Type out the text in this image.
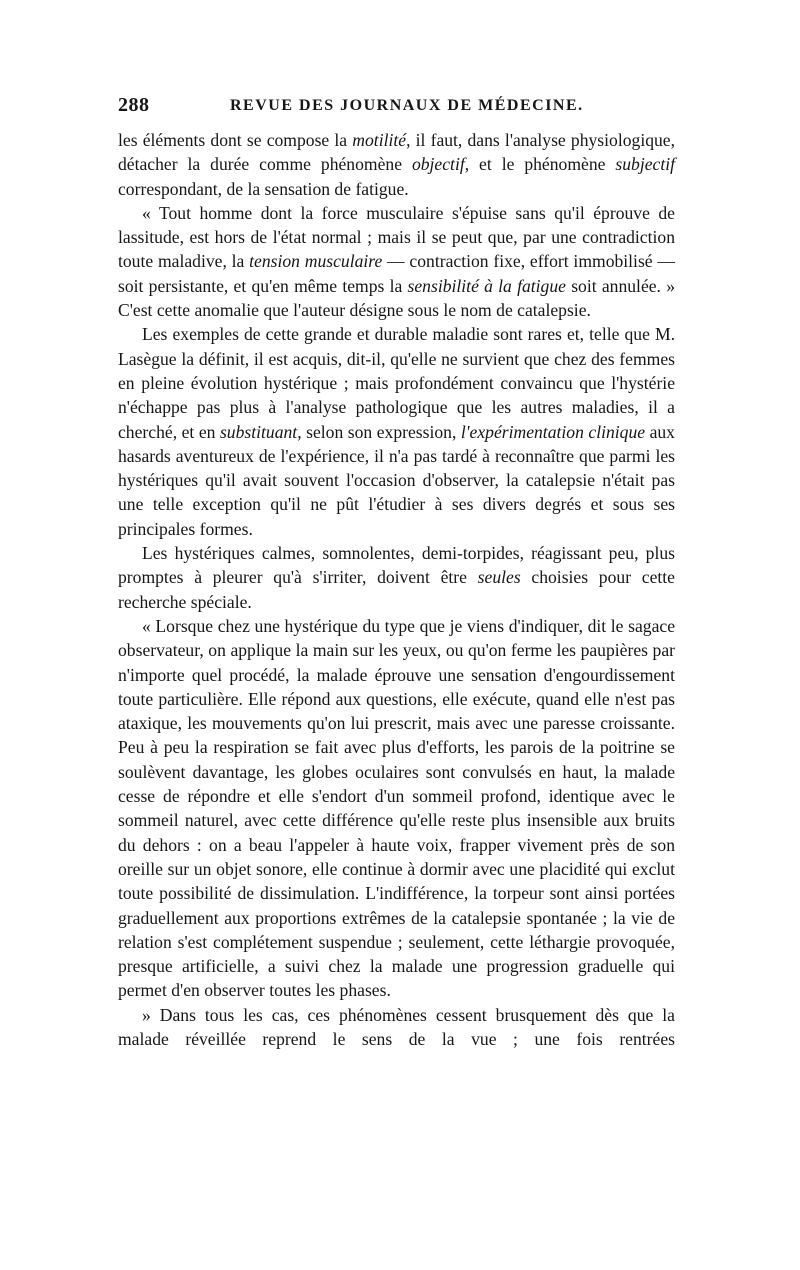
288	REVUE DES JOURNAUX DE MÉDECINE.

les éléments dont se compose la motilité, il faut, dans l'analyse physiologique, détacher la durée comme phénomène objectif, et le phénomène subjectif correspondant, de la sensation de fatigue.

« Tout homme dont la force musculaire s'épuise sans qu'il éprouve de lassitude, est hors de l'état normal ; mais il se peut que, par une contradiction toute maladive, la tension musculaire — contraction fixe, effort immobilisé — soit persistante, et qu'en même temps la sensibilité à la fatigue soit annulée. » C'est cette anomalie que l'auteur désigne sous le nom de catalepsie.

Les exemples de cette grande et durable maladie sont rares et, telle que M. Lasègue la définit, il est acquis, dit-il, qu'elle ne survient que chez des femmes en pleine évolution hystérique ; mais profondément convaincu que l'hystérie n'échappe pas plus à l'analyse pathologique que les autres maladies, il a cherché, et en substituant, selon son expression, l'expérimentation clinique aux hasards aventureux de l'expérience, il n'a pas tardé à reconnaître que parmi les hystériques qu'il avait souvent l'occasion d'observer, la catalepsie n'était pas une telle exception qu'il ne pût l'étudier à ses divers degrés et sous ses principales formes.

Les hystériques calmes, somnolentes, demi-torpides, réagissant peu, plus promptes à pleurer qu'à s'irriter, doivent être seules choisies pour cette recherche spéciale.

« Lorsque chez une hystérique du type que je viens d'indiquer, dit le sagace observateur, on applique la main sur les yeux, ou qu'on ferme les paupières par n'importe quel procédé, la malade éprouve une sensation d'engourdissement toute particulière. Elle répond aux questions, elle exécute, quand elle n'est pas ataxique, les mouvements qu'on lui prescrit, mais avec une paresse croissante. Peu à peu la respiration se fait avec plus d'efforts, les parois de la poitrine se soulèvent davantage, les globes oculaires sont convulsés en haut, la malade cesse de répondre et elle s'endort d'un sommeil profond, identique avec le sommeil naturel, avec cette différence qu'elle reste plus insensible aux bruits du dehors : on a beau l'appeler à haute voix, frapper vivement près de son oreille sur un objet sonore, elle continue à dormir avec une placidité qui exclut toute possibilité de dissimulation. L'indifférence, la torpeur sont ainsi portées graduellement aux proportions extrêmes de la catalepsie spontanée ; la vie de relation s'est complétement suspendue ; seulement, cette léthargie provoquée, presque artificielle, a suivi chez la malade une progression graduelle qui permet d'en observer toutes les phases.

» Dans tous les cas, ces phénomènes cessent brusquement dès que la malade réveillée reprend le sens de la vue ; une fois rentrées
